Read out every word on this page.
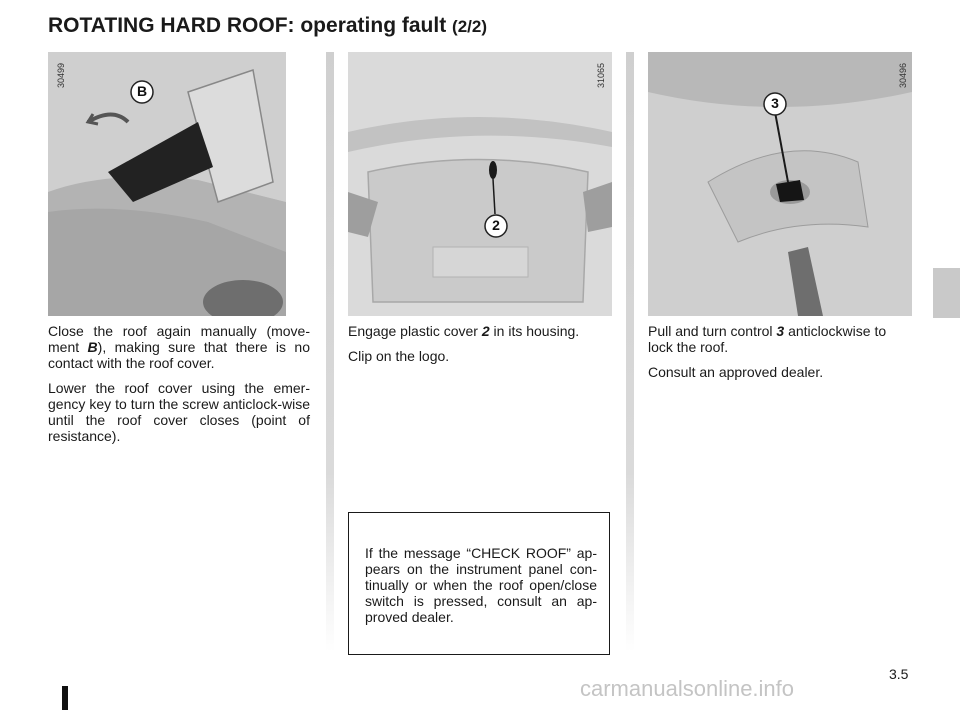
ROTATING HARD ROOF: operating fault (2/2)
B
30499
2
31065
3
30496

Close the roof again manually (move-ment B), making sure that there is no contact with the roof cover.

Lower the roof cover using the emer-gency key to turn the screw anticlock-wise until the roof cover closes (point of resistance).

Engage plastic cover 2 in its housing.

Clip on the logo.

Pull and turn control 3 anticlockwise to lock the roof.

Consult an approved dealer.

If the message “CHECK ROOF” ap-pears on the instrument panel con-tinually or when the roof open/close switch is pressed, consult an ap-proved dealer.
3.5
carmanualsonline.info
